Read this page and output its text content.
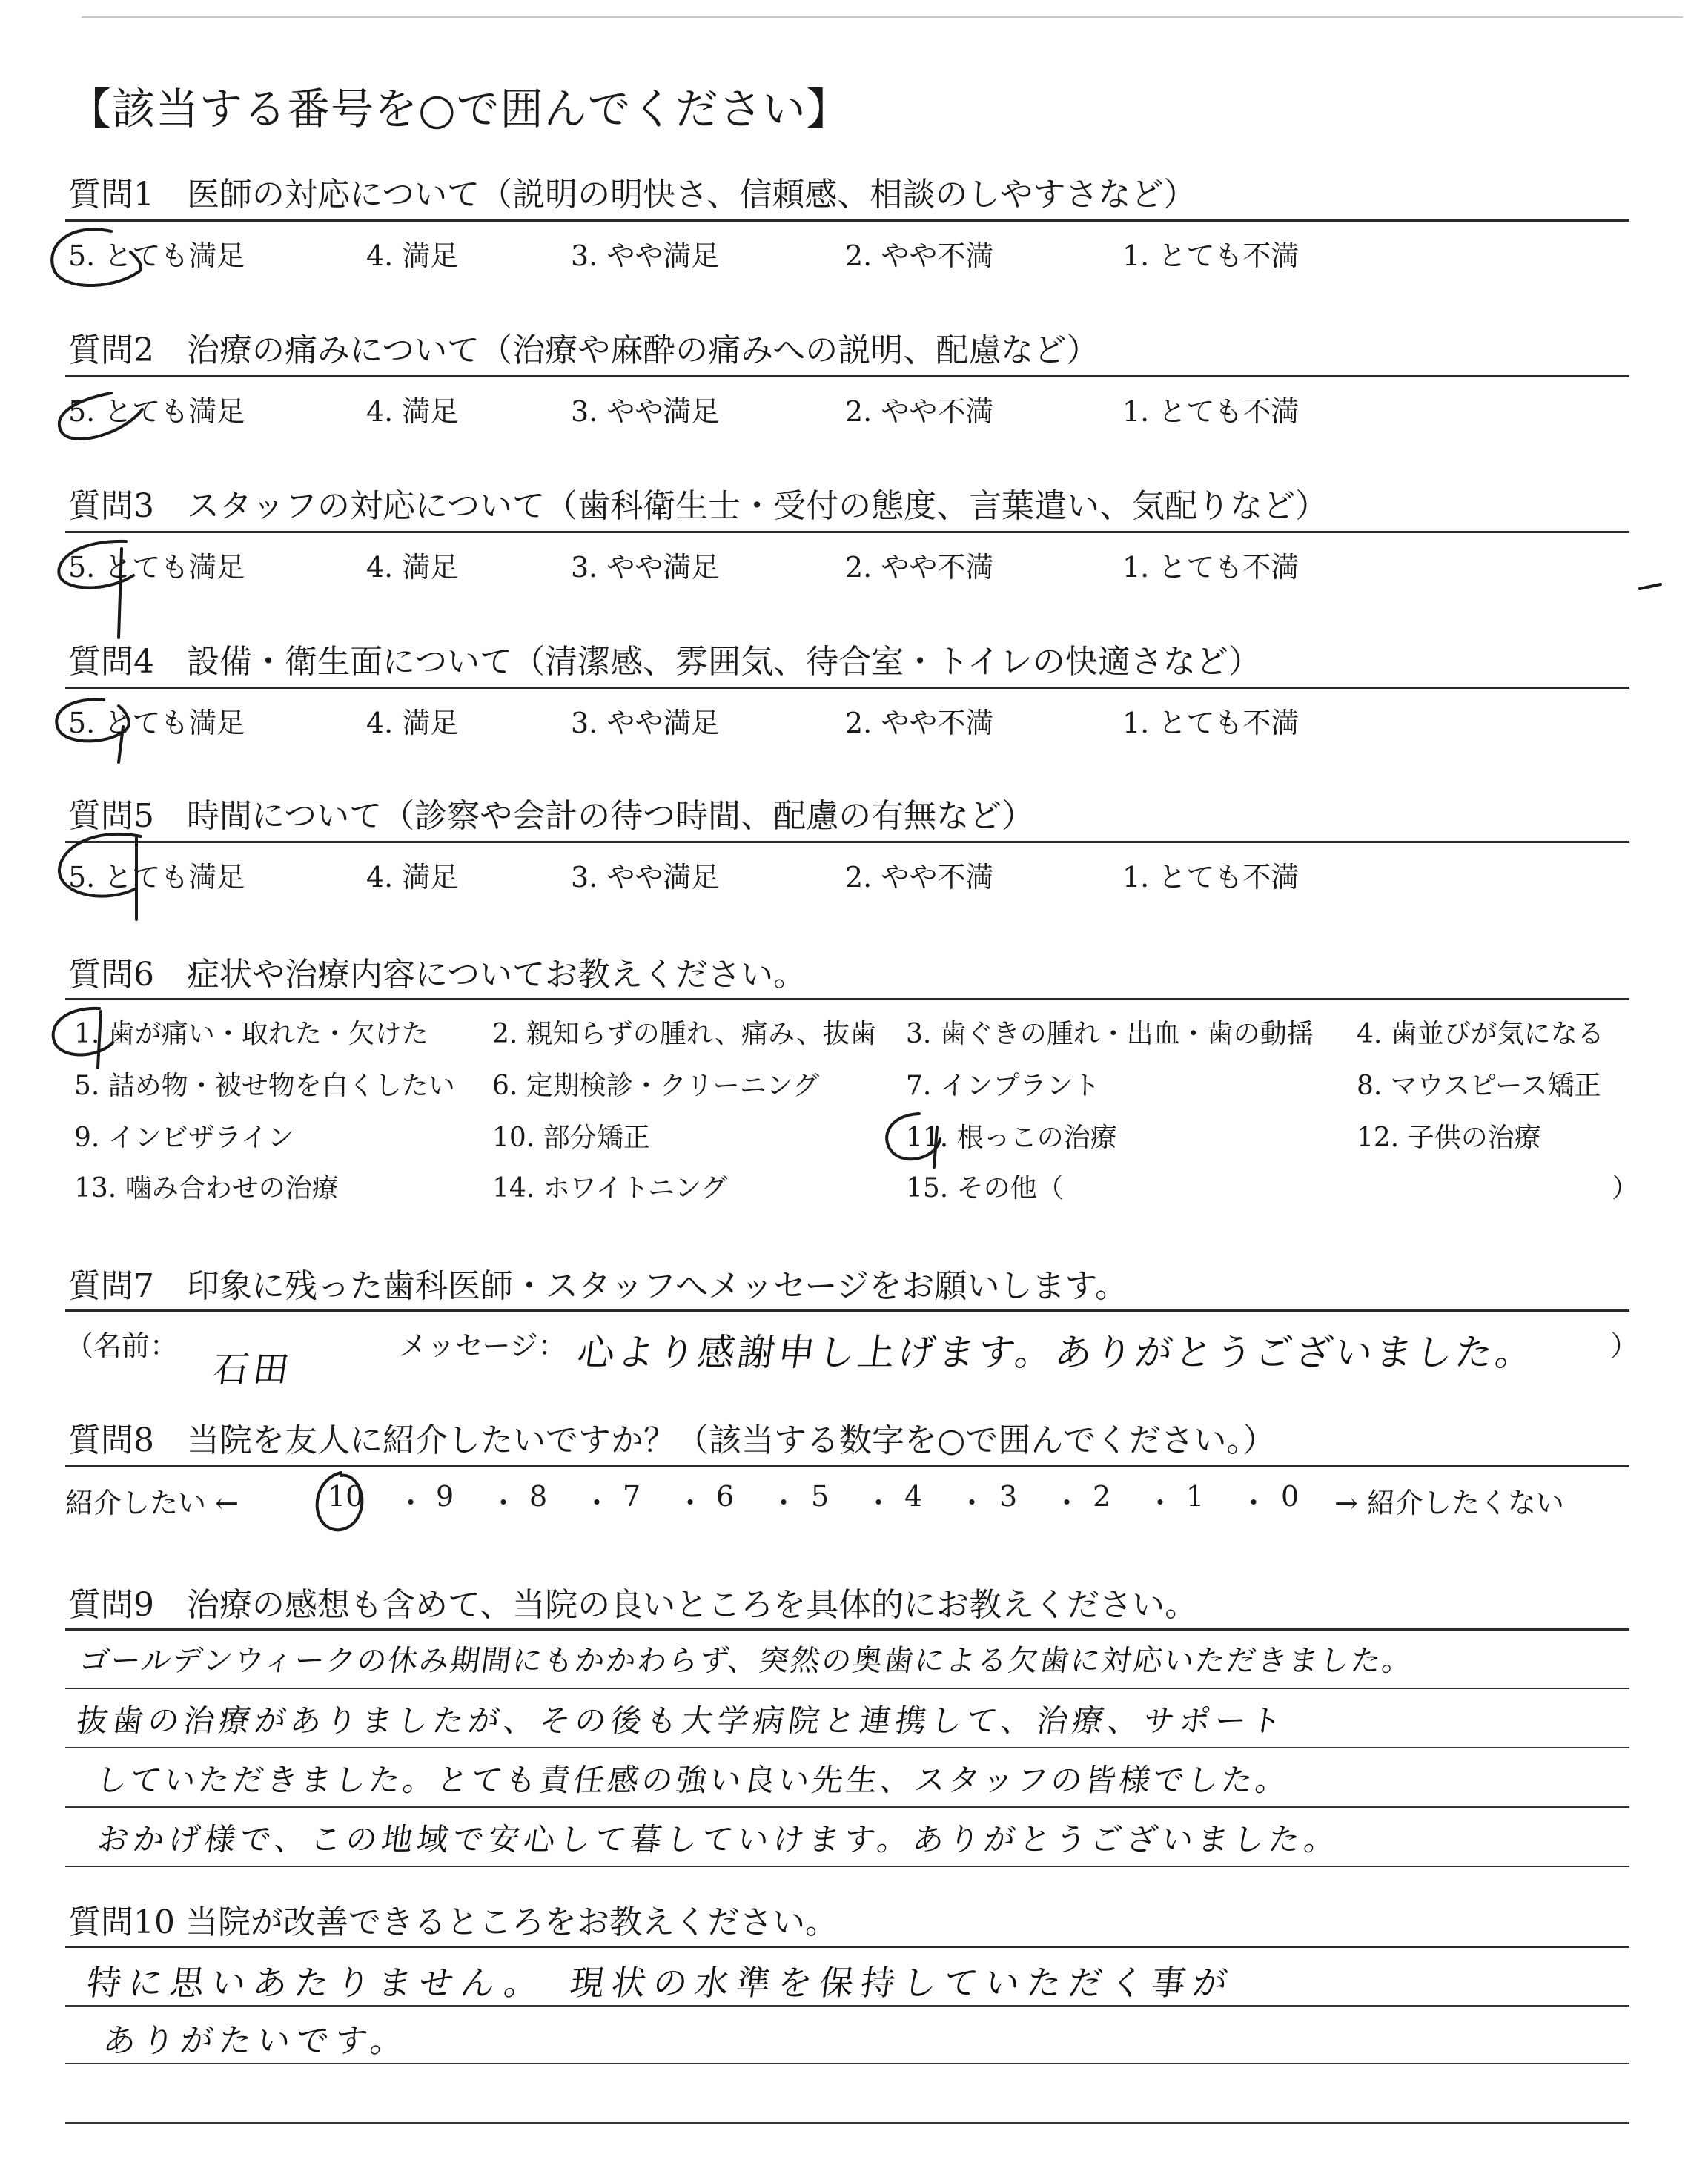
【該当する番号を○で囲んでください】
質問1　医師の対応について（説明の明快さ、信頼感、相談のしやすさなど）
5. とても満足	4. 満足	3. やや満足	2. やや不満	1. とても不満
質問2　治療の痛みについて（治療や麻酔の痛みへの説明、配慮など）
5. とても満足	4. 満足	3. やや満足	2. やや不満	1. とても不満
質問3　スタッフの対応について（歯科衛生士・受付の態度、言葉遣い、気配りなど）
5. とても満足	4. 満足	3. やや満足	2. やや不満	1. とても不満
質問4　設備・衛生面について（清潔感、雰囲気、待合室・トイレの快適さなど）
5. とても満足	4. 満足	3. やや満足	2. やや不満	1. とても不満
質問5　時間について（診察や会計の待つ時間、配慮の有無など）
5. とても満足	4. 満足	3. やや満足	2. やや不満	1. とても不満
質問6　症状や治療内容についてお教えください。
1. 歯が痛い・取れた・欠けた 2. 親知らずの腫れ、痛み、抜歯 3. 歯ぐきの腫れ・出血・歯の動揺 4. 歯並びが気になる
5. 詰め物・被せ物を白くしたい 6. 定期検診・クリーニング	7. インプラント	8. マウスピース矯正
9. インビザライン	10. 部分矯正	11. 根っこの治療	12. 子供の治療
13. 噛み合わせの治療	14. ホワイトニング	15. その他（	）
質問7　印象に残った歯科医師・スタッフへメッセージをお願いします。
（名前：
石田
メッセージ： 心より感謝申し上げます。ありがとうございました。	）
質問8　当院を友人に紹介したいですか？（該当する数字を○で囲んでください。）
紹介したい ←	10 ・ 9 ・ 8 ・ 7 ・ 6 ・ 5 ・ 4 ・ 3 ・ 2 ・ 1 ・ 0 → 紹介したくない
質問9　治療の感想も含めて、当院の良いところを具体的にお教えください。
ゴールデンウィークの休み期間にもかかわらず、突然の奥歯による欠歯に対応いただきました。
抜歯の治療がありましたが、その後も大学病院と連携して、治療、サポート
していただきました。とても責任感の強い良い先生、スタッフの皆様でした。
おかげ様で、この地域で安心して暮していけます。ありがとうございました。
質問10 当院が改善できるところをお教えください。
特に思いあたりません。　現状の水準を保持していただく事が
ありがたいです。
